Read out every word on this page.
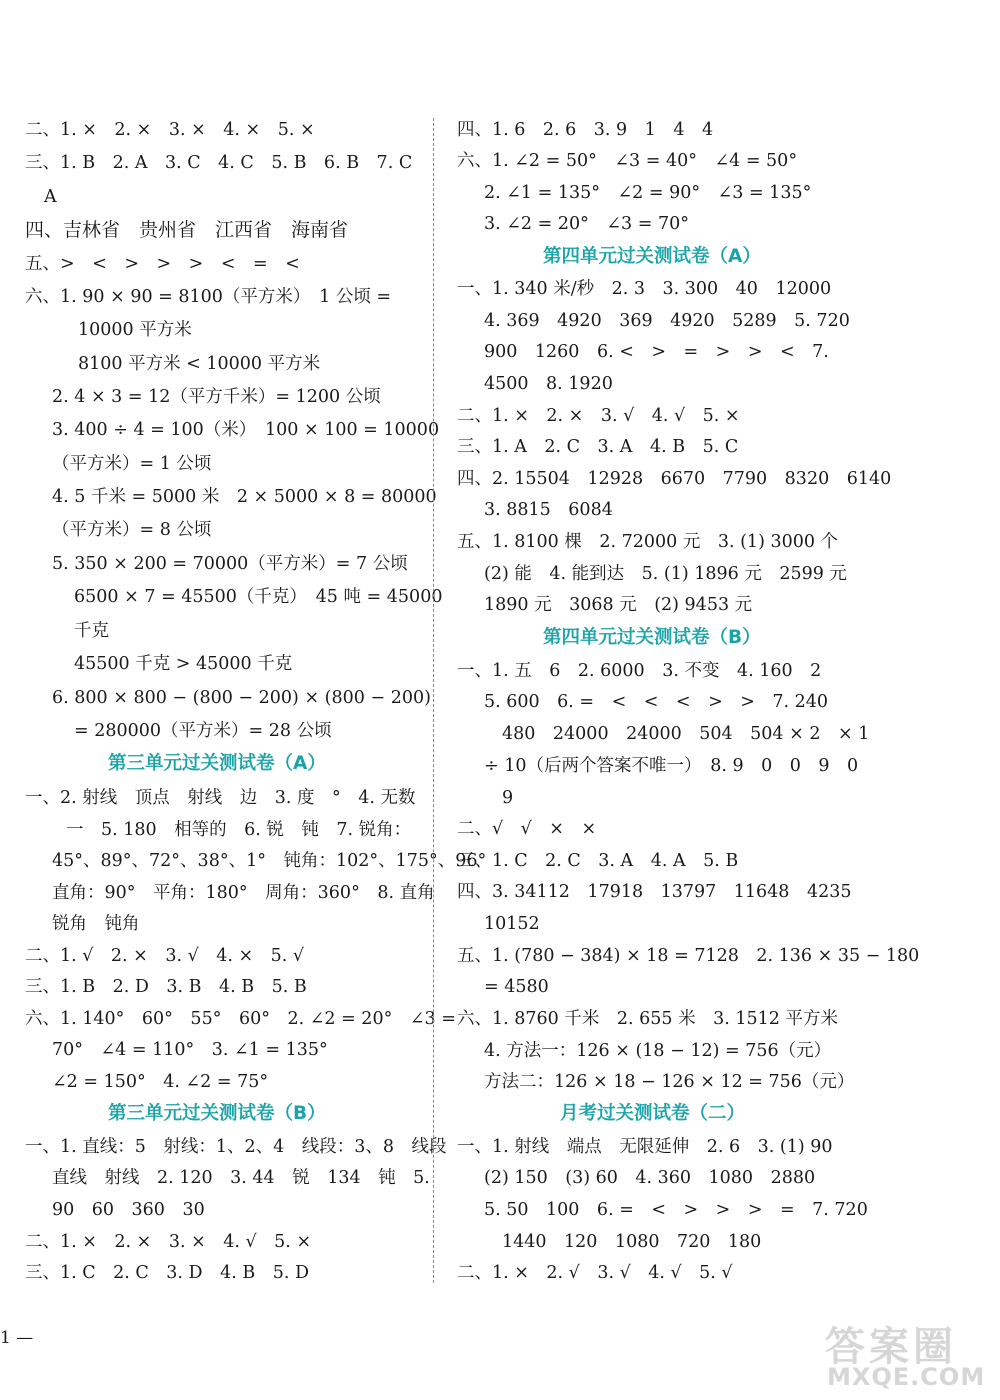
二、1. ×　2. ×　3. ×　4. ×　5. ×
三、1. B　2. A　3. C　4. C　5. B　6. B　7. C
A
四、吉林省　贵州省　江西省　海南省
五、>　<　>　>　>　<　=　<
六、1. 90 × 90 = 8100（平方米）　1 公顷 =
10000 平方米
8100 平方米 < 10000 平方米
2. 4 × 3 = 12（平方千米）= 1200 公顷
3. 400 ÷ 4 = 100（米）　100 × 100 = 10000
（平方米）= 1 公顷
4. 5 千米 = 5000 米　2 × 5000 × 8 = 80000
（平方米）= 8 公顷
5. 350 × 200 = 70000（平方米）= 7 公顷
6500 × 7 = 45500（千克）　45 吨 = 45000
千克
45500 千克 > 45000 千克
6. 800 × 800 − (800 − 200) × (800 − 200)
= 280000（平方米）= 28 公顷
第三单元过关测试卷（A）
一、2. 射线　顶点　射线　边　3. 度　°　4. 无数
一　5. 180　相等的　6. 锐　钝　7. 锐角：
45°、89°、72°、38°、1°　钝角：102°、175°、96°
直角：90°　平角：180°　周角：360°　8. 直角
锐角　钝角
二、1. √　2. ×　3. √　4. ×　5. √
三、1. B　2. D　3. B　4. B　5. B
六、1. 140°　60°　55°　60°　2. ∠2 = 20°　∠3 =
70°　∠4 = 110°　3. ∠1 = 135°
∠2 = 150°　4. ∠2 = 75°
第三单元过关测试卷（B）
一、1. 直线：5　射线：1、2、4　线段：3、8　线段
直线　射线　2. 120　3. 44　锐　134　钝　5.
90　60　360　30
二、1. ×　2. ×　3. ×　4. √　5. ×
三、1. C　2. C　3. D　4. B　5. D
四、1. 6　2. 6　3. 9　1　4　4
六、1. ∠2 = 50°　∠3 = 40°　∠4 = 50°
2. ∠1 = 135°　∠2 = 90°　∠3 = 135°
3. ∠2 = 20°　∠3 = 70°
第四单元过关测试卷（A）
一、1. 340 米/秒　2. 3　3. 300　40　12000
4. 369　4920　369　4920　5289　5. 720
900　1260　6. <　>　=　>　>　<　7.
4500　8. 1920
二、1. ×　2. ×　3. √　4. √　5. ×
三、1. A　2. C　3. A　4. B　5. C
四、2. 15504　12928　6670　7790　8320　6140
3. 8815　6084
五、1. 8100 棵　2. 72000 元　3. (1) 3000 个
(2) 能　4. 能到达　5. (1) 1896 元　2599 元
1890 元　3068 元　(2) 9453 元
第四单元过关测试卷（B）
一、1. 五　6　2. 6000　3. 不变　4. 160　2
5. 600　6. =　<　<　<　>　>　7. 240
480　24000　24000　504　504 × 2　× 1
÷ 10（后两个答案不唯一）　8. 9　0　0　9　0
9
二、√　√　×　×
三、1. C　2. C　3. A　4. A　5. B
四、3. 34112　17918　13797　11648　4235
10152
五、1. (780 − 384) × 18 = 7128　2. 136 × 35 − 180
= 4580
六、1. 8760 千米　2. 655 米　3. 1512 平方米
4. 方法一：126 × (18 − 12) = 756（元）
方法二：126 × 18 − 126 × 12 = 756（元）
月考过关测试卷（二）
一、1. 射线　端点　无限延伸　2. 6　3. (1) 90
(2) 150　(3) 60　4. 360　1080　2880
5. 50　100　6. =　<　>　>　>　=　7. 720
1440　120　1080　720　180
二、1. ×　2. √　3. √　4. √　5. √
1 —	答案圈
MXQE.COM
